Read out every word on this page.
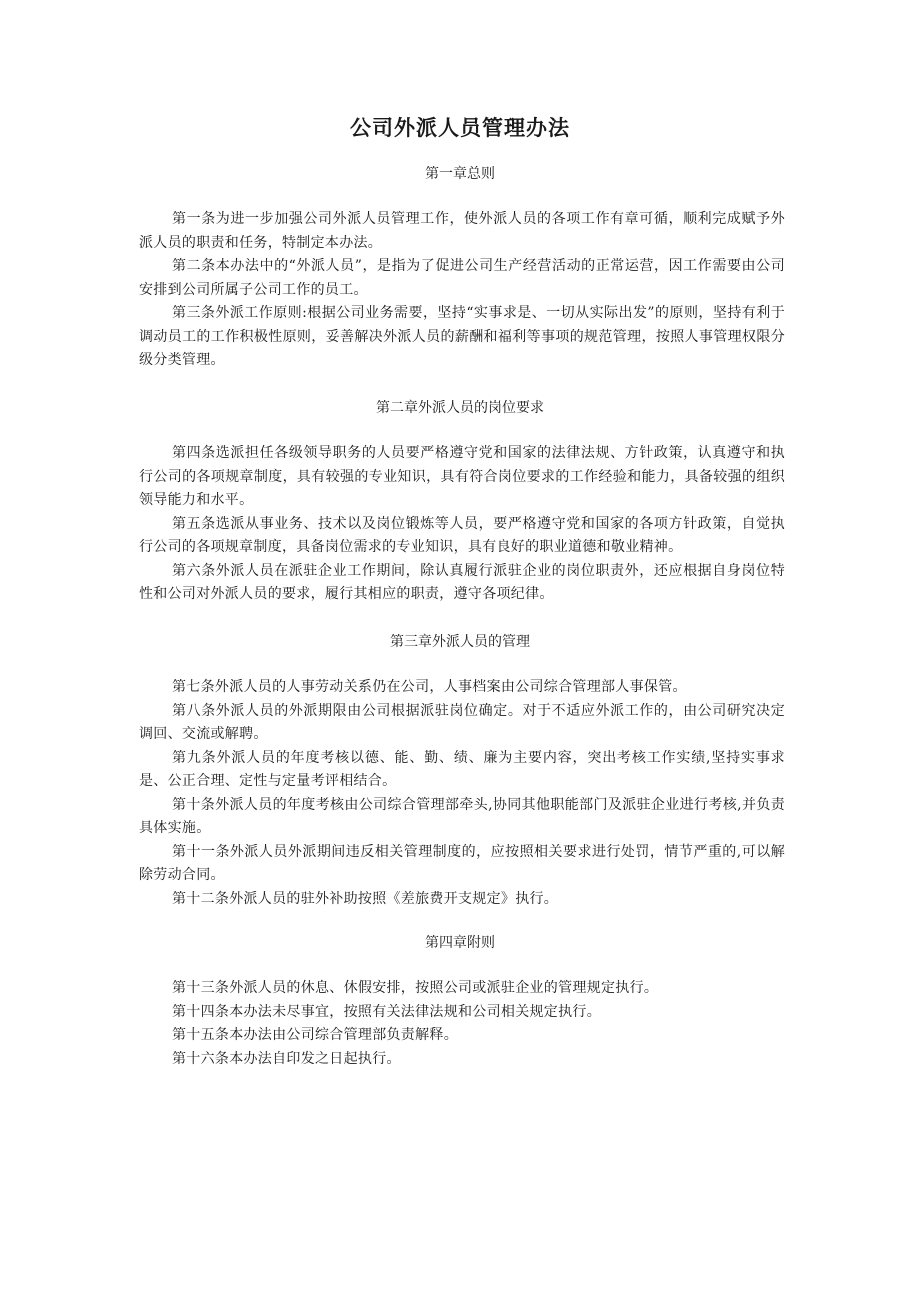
公司外派人员管理办法
第一章总则

第一条为进一步加强公司外派人员管理工作，使外派人员的各项工作有章可循，顺利完成赋予外派人员的职责和任务，特制定本办法。

第二条本办法中的“外派人员”，是指为了促进公司生产经营活动的正常运营，因工作需要由公司安排到公司所属子公司工作的员工。

第三条外派工作原则:根据公司业务需要，坚持“实事求是、一切从实际出发”的原则，坚持有利于调动员工的工作积极性原则，妥善解决外派人员的薪酬和福利等事项的规范管理，按照人事管理权限分级分类管理。

第二章外派人员的岗位要求

第四条选派担任各级领导职务的人员要严格遵守党和国家的法律法规、方针政策，认真遵守和执行公司的各项规章制度，具有较强的专业知识，具有符合岗位要求的工作经验和能力，具备较强的组织领导能力和水平。

第五条选派从事业务、技术以及岗位锻炼等人员，要严格遵守党和国家的各项方针政策，自觉执行公司的各项规章制度，具备岗位需求的专业知识，具有良好的职业道德和敬业精神。

第六条外派人员在派驻企业工作期间，除认真履行派驻企业的岗位职责外，还应根据自身岗位特性和公司对外派人员的要求，履行其相应的职责，遵守各项纪律。

第三章外派人员的管理

第七条外派人员的人事劳动关系仍在公司，人事档案由公司综合管理部人事保管。

第八条外派人员的外派期限由公司根据派驻岗位确定。对于不适应外派工作的，由公司研究决定调回、交流或解聘。

第九条外派人员的年度考核以德、能、勤、绩、廉为主要内容，突出考核工作实绩,坚持实事求是、公正合理、定性与定量考评相结合。

第十条外派人员的年度考核由公司综合管理部牵头,协同其他职能部门及派驻企业进行考核,并负责具体实施。

第十一条外派人员外派期间违反相关管理制度的，应按照相关要求进行处罚，情节严重的,可以解除劳动合同。

第十二条外派人员的驻外补助按照《差旅费开支规定》执行。

第四章附则

第十三条外派人员的休息、休假安排，按照公司或派驻企业的管理规定执行。

第十四条本办法未尽事宜，按照有关法律法规和公司相关规定执行。

第十五条本办法由公司综合管理部负责解释。

第十六条本办法自印发之日起执行。
